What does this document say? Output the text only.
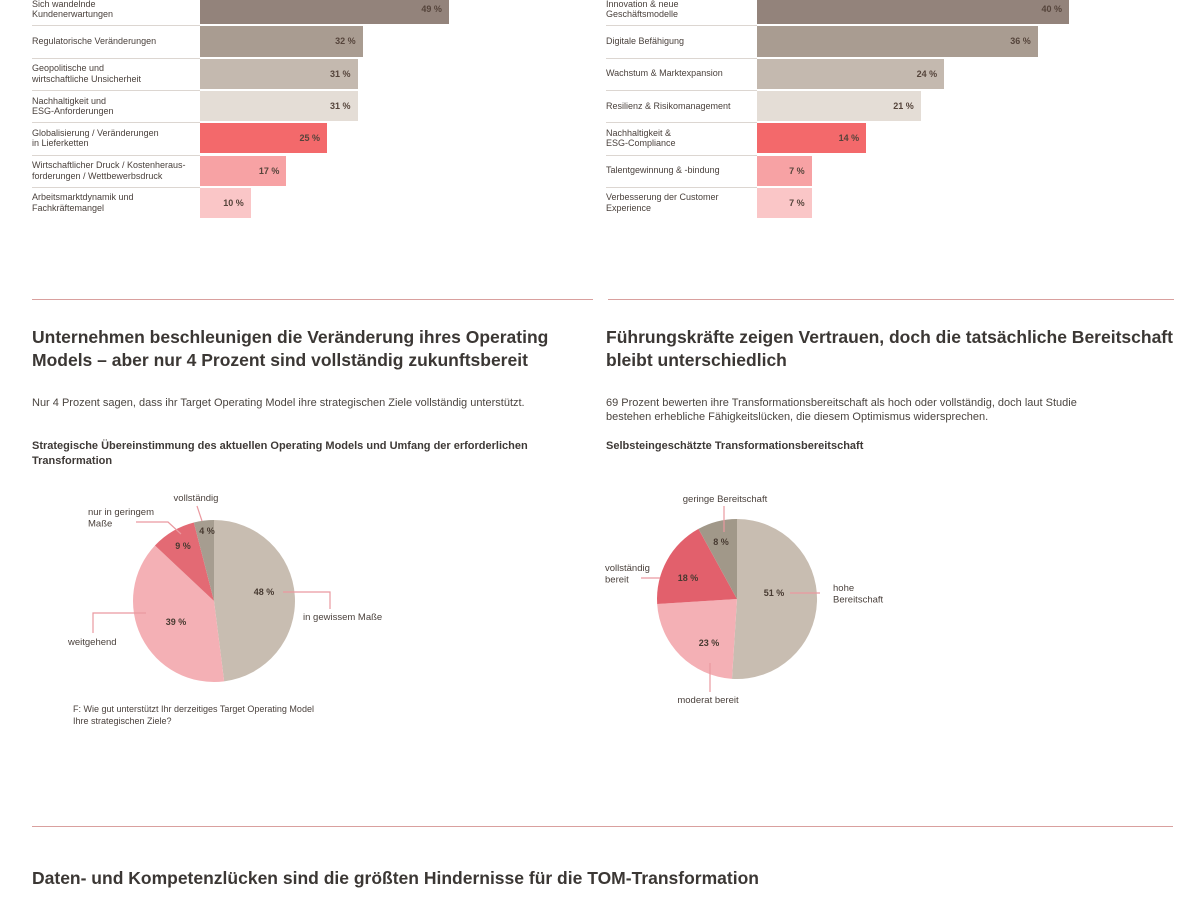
Sich wandelnde
Kundenerwartungen	49 %
Regulatorische Veränderungen	32 %
Geopolitische und
wirtschaftliche Unsicherheit	31 %
Nachhaltigkeit und
ESG-Anforderungen	31 %
Globalisierung / Veränderungen
in Lieferketten	25 %
Wirtschaftlicher Druck / Kostenheraus-
forderungen / Wettbewerbsdruck	17 %
Arbeitsmarktdynamik und
Fachkräftemangel	10 %
Innovation & neue
Geschäftsmodelle	40 %
Digitale Befähigung	36 %
Wachstum & Marktexpansion	24 %
Resilienz & Risikomanagement	21 %
Nachhaltigkeit &
ESG-Compliance	14 %
Talentgewinnung & -bindung	7 %
Verbesserung der Customer
Experience	7 %
Unternehmen beschleunigen die Veränderung ihres Operating
Models – aber nur 4 Prozent sind vollständig zukunftsbereit
Nur 4 Prozent sagen, dass ihr Target Operating Model ihre strategischen Ziele vollständig unterstützt.
Strategische Übereinstimmung des aktuellen Operating Models und Umfang der erforderlichen
Transformation
Führungskräfte zeigen Vertrauen, doch die tatsächliche Bereitschaft
bleibt unterschiedlich
69 Prozent bewerten ihre Transformationsbereitschaft als hoch oder vollständig, doch laut Studie
bestehen erhebliche Fähigkeitslücken, die diesem Optimismus widersprechen.
Selbsteingeschätzte Transformationsbereitschaft
48 %
39 %
9 %
4 %
in gewissem Maße
weitgehend
nur in geringem Maße
vollständig
51 %
23 %
18 %
8 %
hohe Bereitschaft
moderat bereit
vollständig bereit
geringe Bereitschaft
F: Wie gut unterstützt Ihr derzeitiges Target Operating Model
Ihre strategischen Ziele?
Daten- und Kompetenzlücken sind die größten Hindernisse für die TOM-Transformation
